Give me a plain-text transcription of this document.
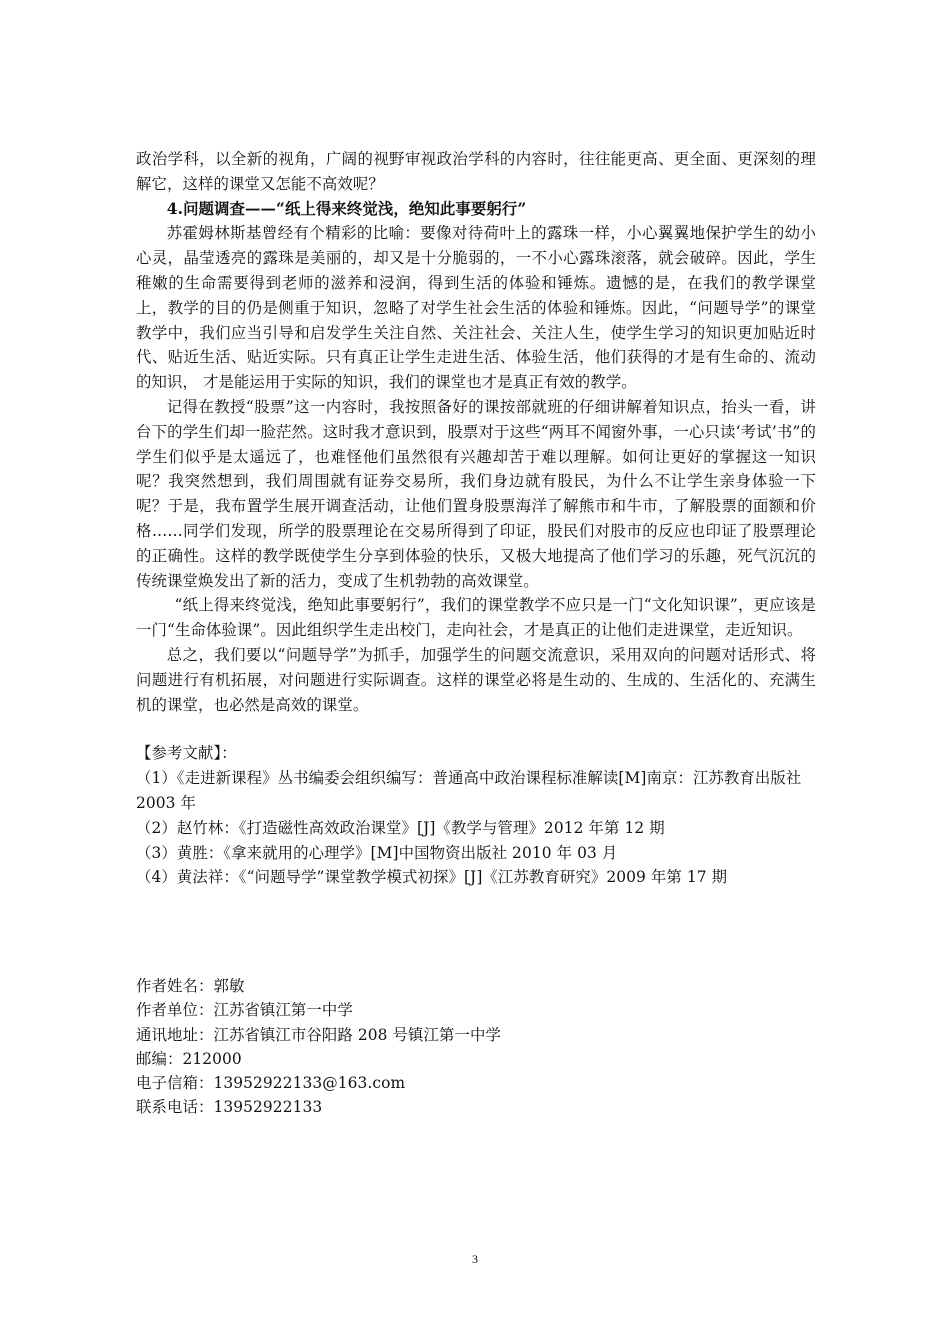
政治学科，以全新的视角，广阔的视野审视政治学科的内容时，往往能更高、更全面、更深刻的理解它，这样的课堂又怎能不高效呢？

4.问题调查——“纸上得来终觉浅，绝知此事要躬行”

苏霍姆林斯基曾经有个精彩的比喻：要像对待荷叶上的露珠一样，小心翼翼地保护学生的幼小心灵，晶莹透亮的露珠是美丽的，却又是十分脆弱的，一不小心露珠滚落，就会破碎。因此，学生稚嫩的生命需要得到老师的滋养和浸润，得到生活的体验和锤炼。遗憾的是，在我们的教学课堂上，教学的目的仍是侧重于知识，忽略了对学生社会生活的体验和锤炼。因此，“问题导学”的课堂教学中，我们应当引导和启发学生关注自然、关注社会、关注人生，使学生学习的知识更加贴近时代、贴近生活、贴近实际。只有真正让学生走进生活、体验生活，他们获得的才是有生命的、流动的知识， 才是能运用于实际的知识，我们的课堂也才是真正有效的教学。

记得在教授“股票”这一内容时，我按照备好的课按部就班的仔细讲解着知识点，抬头一看，讲台下的学生们却一脸茫然。这时我才意识到，股票对于这些“两耳不闻窗外事，一心只读‘考试’书”的学生们似乎是太遥远了，也难怪他们虽然很有兴趣却苦于难以理解。如何让更好的掌握这一知识呢？我突然想到，我们周围就有证券交易所，我们身边就有股民，为什么不让学生亲身体验一下呢？于是，我布置学生展开调查活动，让他们置身股票海洋了解熊市和牛市，了解股票的面额和价格……同学们发现，所学的股票理论在交易所得到了印证，股民们对股市的反应也印证了股票理论的正确性。这样的教学既使学生分享到体验的快乐，又极大地提高了他们学习的乐趣，死气沉沉的传统课堂焕发出了新的活力，变成了生机勃勃的高效课堂。

“纸上得来终觉浅，绝知此事要躬行”，我们的课堂教学不应只是一门“文化知识课”，更应该是一门“生命体验课”。因此组织学生走出校门，走向社会，才是真正的让他们走进课堂，走近知识。

总之，我们要以“问题导学”为抓手，加强学生的问题交流意识，采用双向的问题对话形式、将问题进行有机拓展，对问题进行实际调查。这样的课堂必将是生动的、生成的、生活化的、充满生机的课堂，也必然是高效的课堂。

【参考文献】：

（1）《走进新课程》丛书编委会组织编写：普通高中政治课程标准解读[M]南京：江苏教育出版社 2003 年

（2）赵竹林：《打造磁性高效政治课堂》[J]《教学与管理》2012 年第 12 期

（3）黄胜：《拿来就用的心理学》[M]中国物资出版社 2010 年 03 月

（4）黄法祥：《“问题导学”课堂教学模式初探》[J]《江苏教育研究》2009 年第 17 期

作者姓名：郭敏

作者单位：江苏省镇江第一中学

通讯地址：江苏省镇江市谷阳路 208 号镇江第一中学

邮编：212000

电子信箱：13952922133@163.com

联系电话：13952922133

3
